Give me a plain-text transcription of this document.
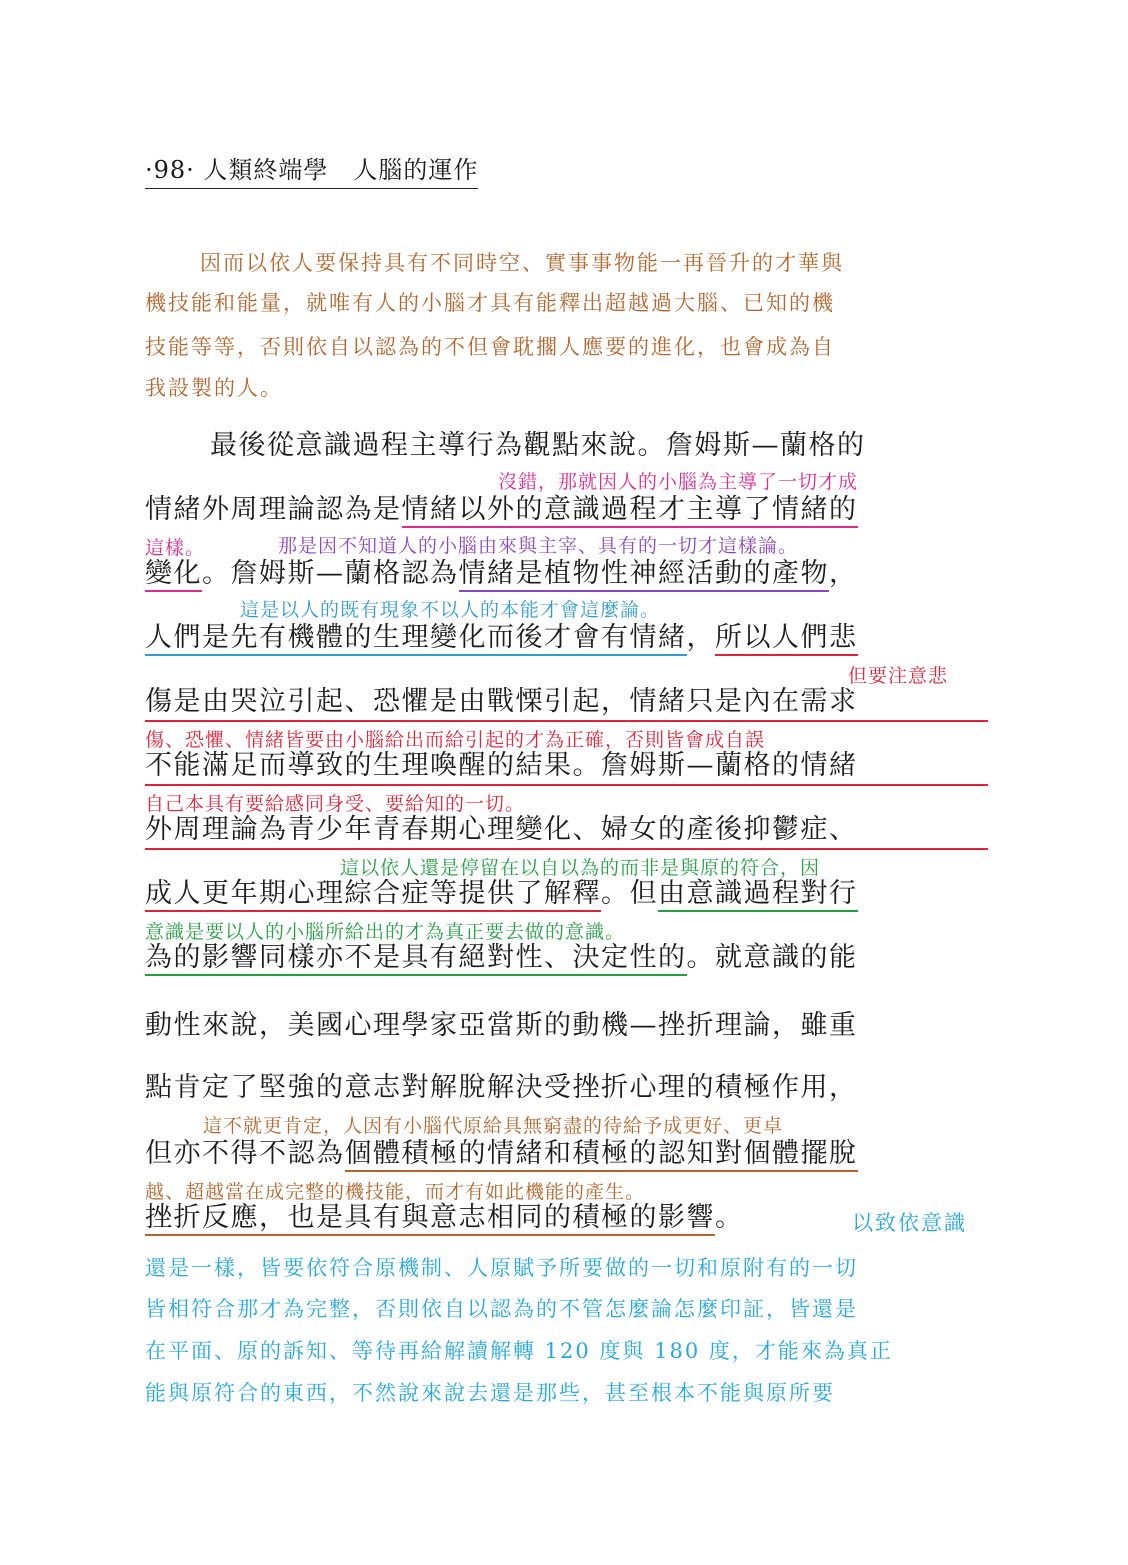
·98· 人類終端學　人腦的運作
因而以依人要保持具有不同時空、實事事物能一再晉升的才華與
機技能和能量，就唯有人的小腦才具有能釋出超越過大腦、已知的機
技能等等，否則依自以認為的不但會耽擱人應要的進化，也會成為自
我設製的人。
最後從意識過程主導行為觀點來說。詹姆斯—蘭格的
沒錯，那就因人的小腦為主導了一切才成
情緒外周理論認為是情緒以外的意識過程才主導了情緒的
這樣。	那是因不知道人的小腦由來與主宰、具有的一切才這樣論。
變化。詹姆斯—蘭格認為情緒是植物性神經活動的產物，
這是以人的既有現象不以人的本能才會這麼論。
人們是先有機體的生理變化而後才會有情緒，所以人們悲
但要注意悲
傷是由哭泣引起、恐懼是由戰慄引起，情緒只是內在需求
傷、恐懼、情緒皆要由小腦給出而給引起的才為正確，否則皆會成自誤
不能滿足而導致的生理喚醒的結果。詹姆斯—蘭格的情緒
自己本具有要給感同身受、要給知的一切。
外周理論為青少年青春期心理變化、婦女的產後抑鬱症、
這以依人還是停留在以自以為的而非是與原的符合，因
成人更年期心理綜合症等提供了解釋。但由意識過程對行
意識是要以人的小腦所給出的才為真正要去做的意識。
為的影響同樣亦不是具有絕對性、決定性的。就意識的能
動性來說，美國心理學家亞當斯的動機—挫折理論，雖重
點肯定了堅強的意志對解脫解決受挫折心理的積極作用，
這不就更肯定，人因有小腦代原給具無窮盡的待給予成更好、更卓
但亦不得不認為個體積極的情緒和積極的認知對個體擺脫
越、超越當在成完整的機技能，而才有如此機能的產生。
挫折反應，也是具有與意志相同的積極的影響。	以致依意識
還是一樣，皆要依符合原機制、人原賦予所要做的一切和原附有的一切
皆相符合那才為完整，否則依自以認為的不管怎麼論怎麼印証，皆還是
在平面、原的訴知、等待再給解讀解轉 120 度與 180 度，才能來為真正
能與原符合的東西，不然說來說去還是那些，甚至根本不能與原所要
